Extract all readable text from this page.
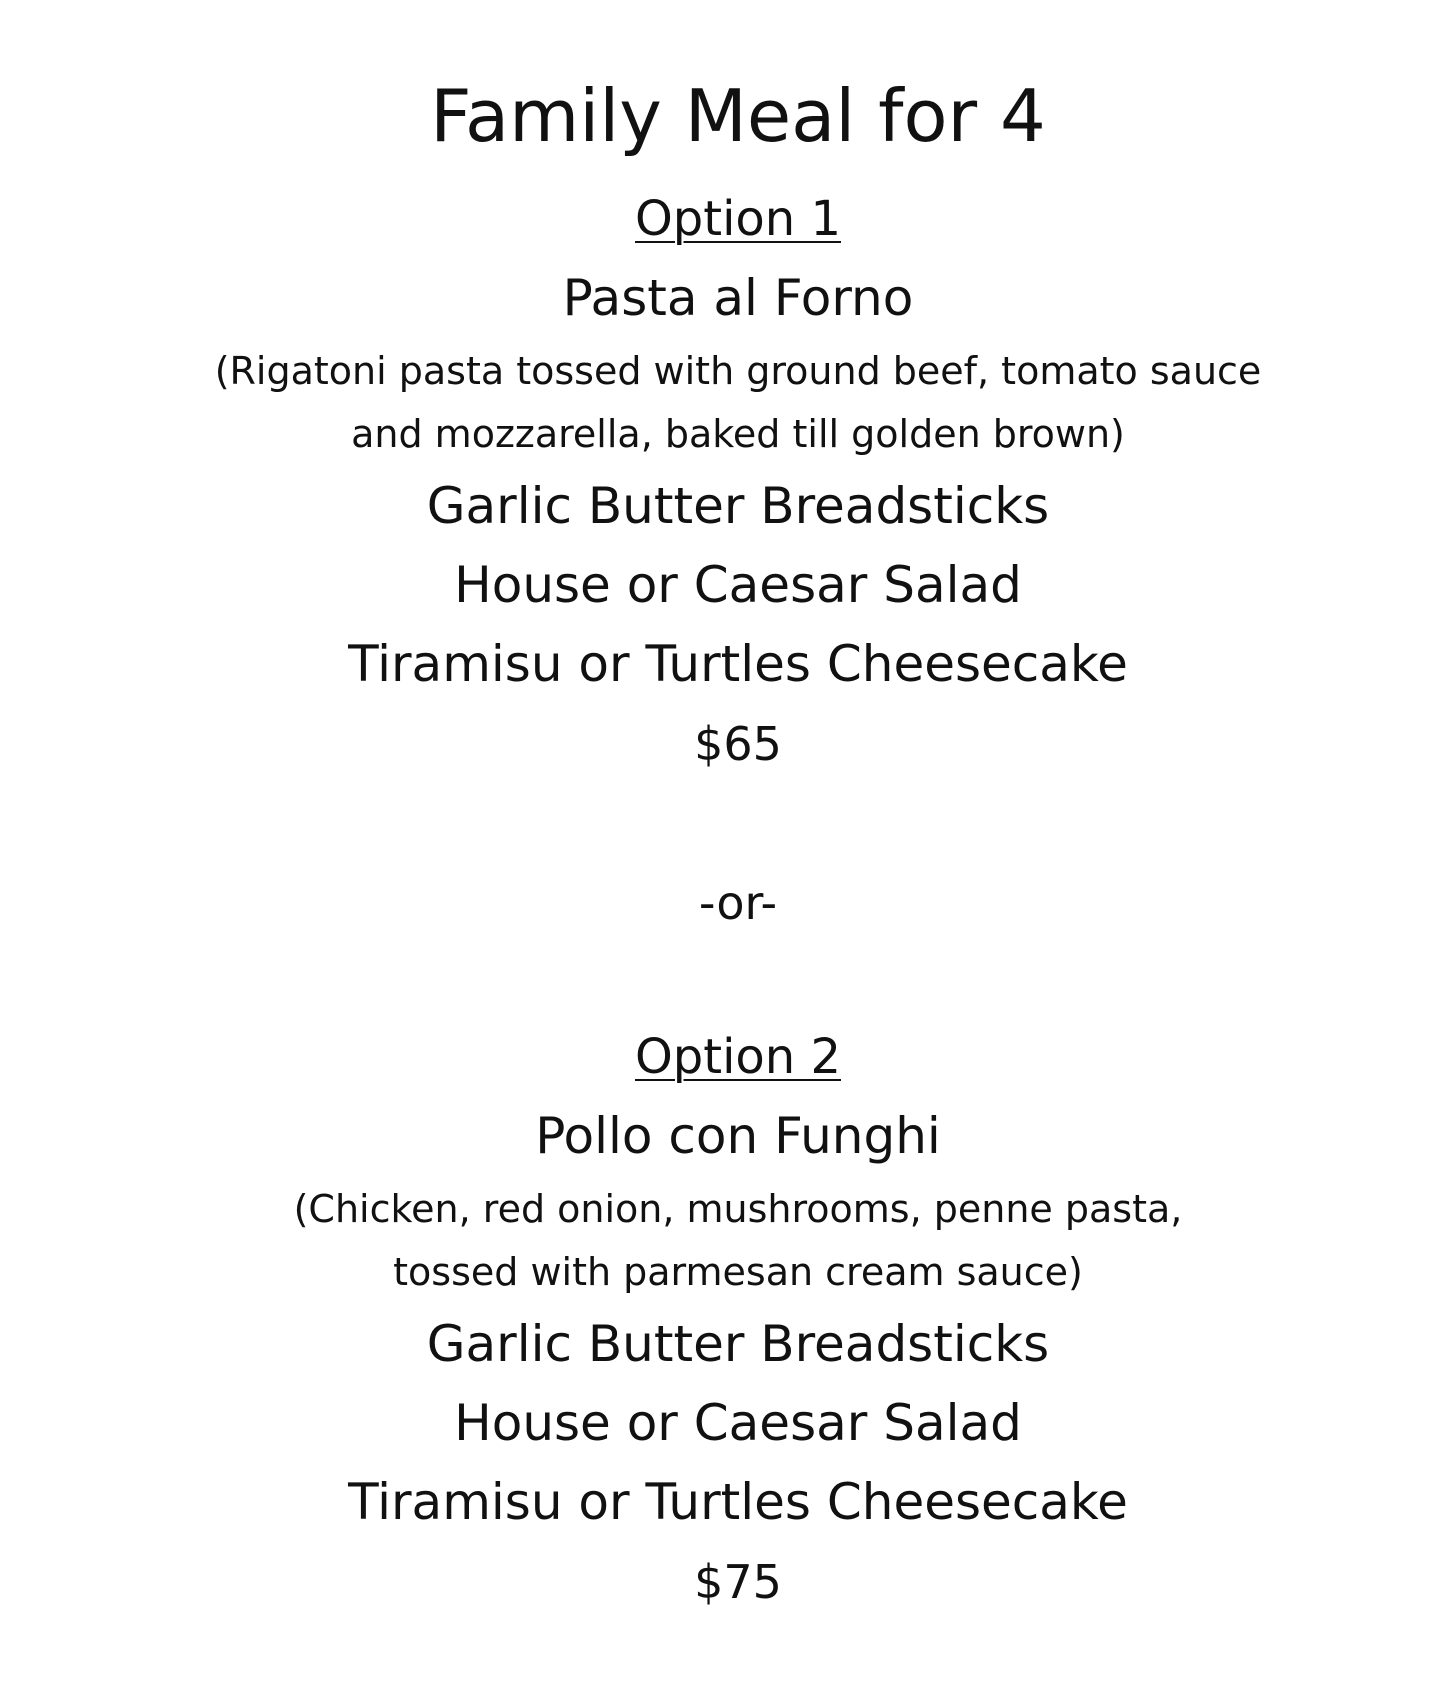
Family Meal for 4
Option 1
Pasta al Forno
(Rigatoni pasta tossed with ground beef, tomato sauce
and mozzarella, baked till golden brown)
Garlic Butter Breadsticks
House or Caesar Salad
Tiramisu or Turtles Cheesecake
$65
-or-
Option 2
Pollo con Funghi
(Chicken, red onion, mushrooms, penne pasta,
tossed with parmesan cream sauce)
Garlic Butter Breadsticks
House or Caesar Salad
Tiramisu or Turtles Cheesecake
$75
